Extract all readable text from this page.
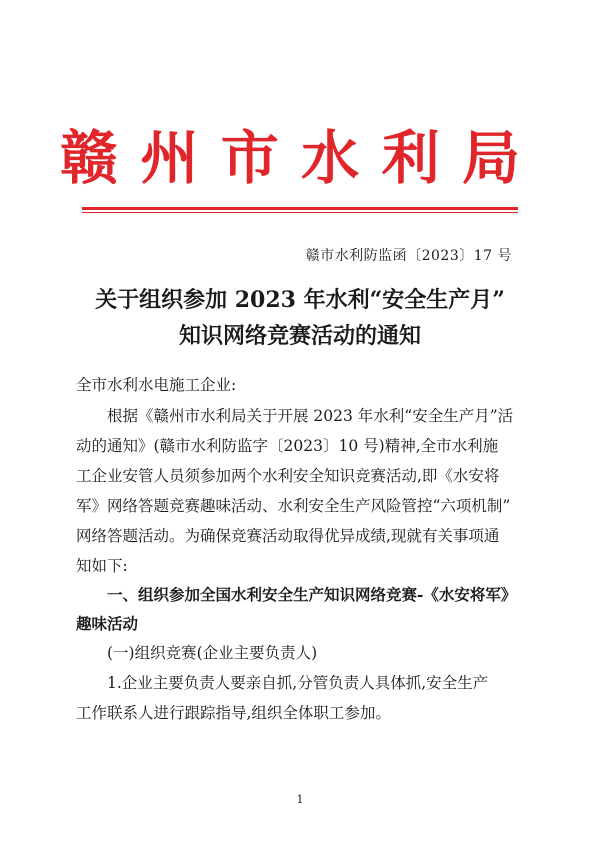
赣 州 市 水 利 局
赣市水利防监函〔2023〕17 号
关于组织参加 2023 年水利“安全生产月”
知识网络竞赛活动的通知
全市水利水电施工企业:
根据《赣州市水利局关于开展 2023 年水利“安全生产月”活
动的通知》(赣市水利防监字〔2023〕10 号)精神,全市水利施
工企业安管人员须参加两个水利安全知识竞赛活动,即《水安将
军》网络答题竞赛趣味活动、水利安全生产风险管控“六项机制”
网络答题活动。为确保竞赛活动取得优异成绩,现就有关事项通
知如下:
一、组织参加全国水利安全生产知识网络竞赛-《水安将军》
趣味活动
(一)组织竞赛(企业主要负责人)
1.企业主要负责人要亲自抓,分管负责人具体抓,安全生产
工作联系人进行跟踪指导,组织全体职工参加。
1
